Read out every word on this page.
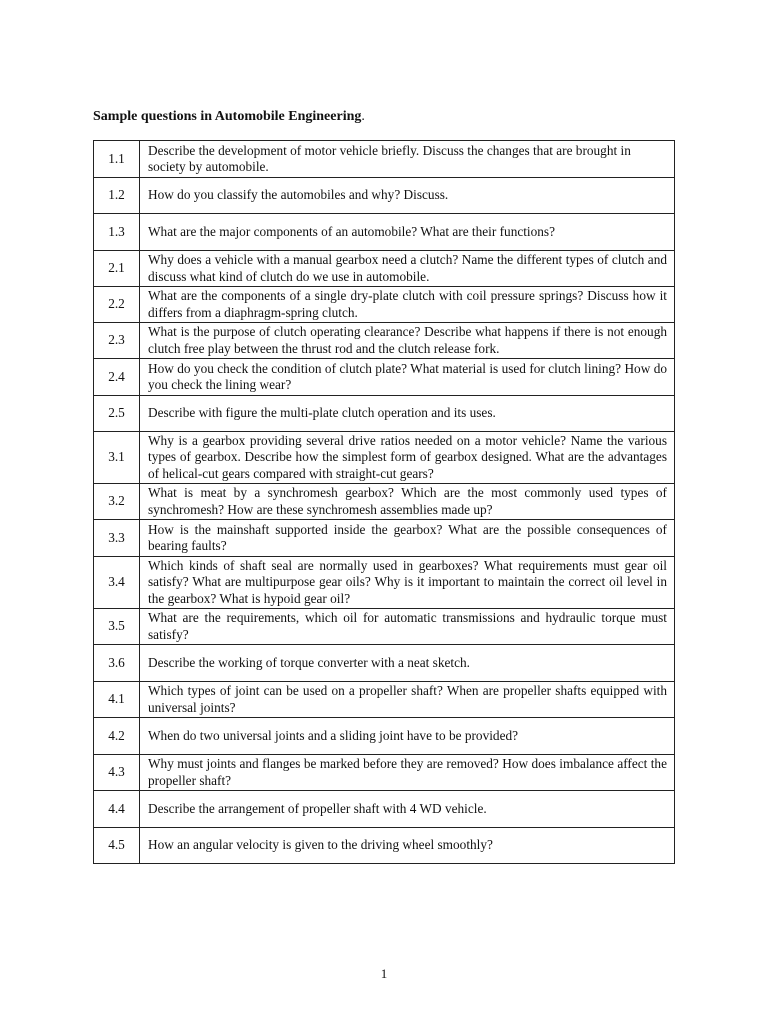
Sample questions in Automobile Engineering.
1.1	Describe the development of motor vehicle briefly. Discuss the changes that are brought in society by automobile.
1.2	How do you classify the automobiles and why? Discuss.
1.3	What are the major components of an automobile? What are their functions?
2.1	Why does a vehicle with a manual gearbox need a clutch? Name the different types of clutch and discuss what kind of clutch do we use in automobile.
2.2	What are the components of a single dry-plate clutch with coil pressure springs? Discuss how it differs from a diaphragm-spring clutch.
2.3	What is the purpose of clutch operating clearance? Describe what happens if there is not enough clutch free play between the thrust rod and the clutch release fork.
2.4	How do you check the condition of clutch plate? What material is used for clutch lining? How do you check the lining wear?
2.5	Describe with figure the multi-plate clutch operation and its uses.
3.1	Why is a gearbox providing several drive ratios needed on a motor vehicle? Name the various types of gearbox. Describe how the simplest form of gearbox designed. What are the advantages of helical-cut gears compared with straight-cut gears?
3.2	What is meat by a synchromesh gearbox? Which are the most commonly used types of synchromesh? How are these synchromesh assemblies made up?
3.3	How is the mainshaft supported inside the gearbox? What are the possible consequences of bearing faults?
3.4	Which kinds of shaft seal are normally used in gearboxes? What requirements must gear oil satisfy? What are multipurpose gear oils? Why is it important to maintain the correct oil level in the gearbox? What is hypoid gear oil?
3.5	What are the requirements, which oil for automatic transmissions and hydraulic torque must satisfy?
3.6	Describe the working of torque converter with a neat sketch.
4.1	Which types of joint can be used on a propeller shaft? When are propeller shafts equipped with universal joints?
4.2	When do two universal joints and a sliding joint have to be provided?
4.3	Why must joints and flanges be marked before they are removed? How does imbalance affect the propeller shaft?
4.4	Describe the arrangement of propeller shaft with 4 WD vehicle.
4.5	How an angular velocity is given to the driving wheel smoothly?
1
